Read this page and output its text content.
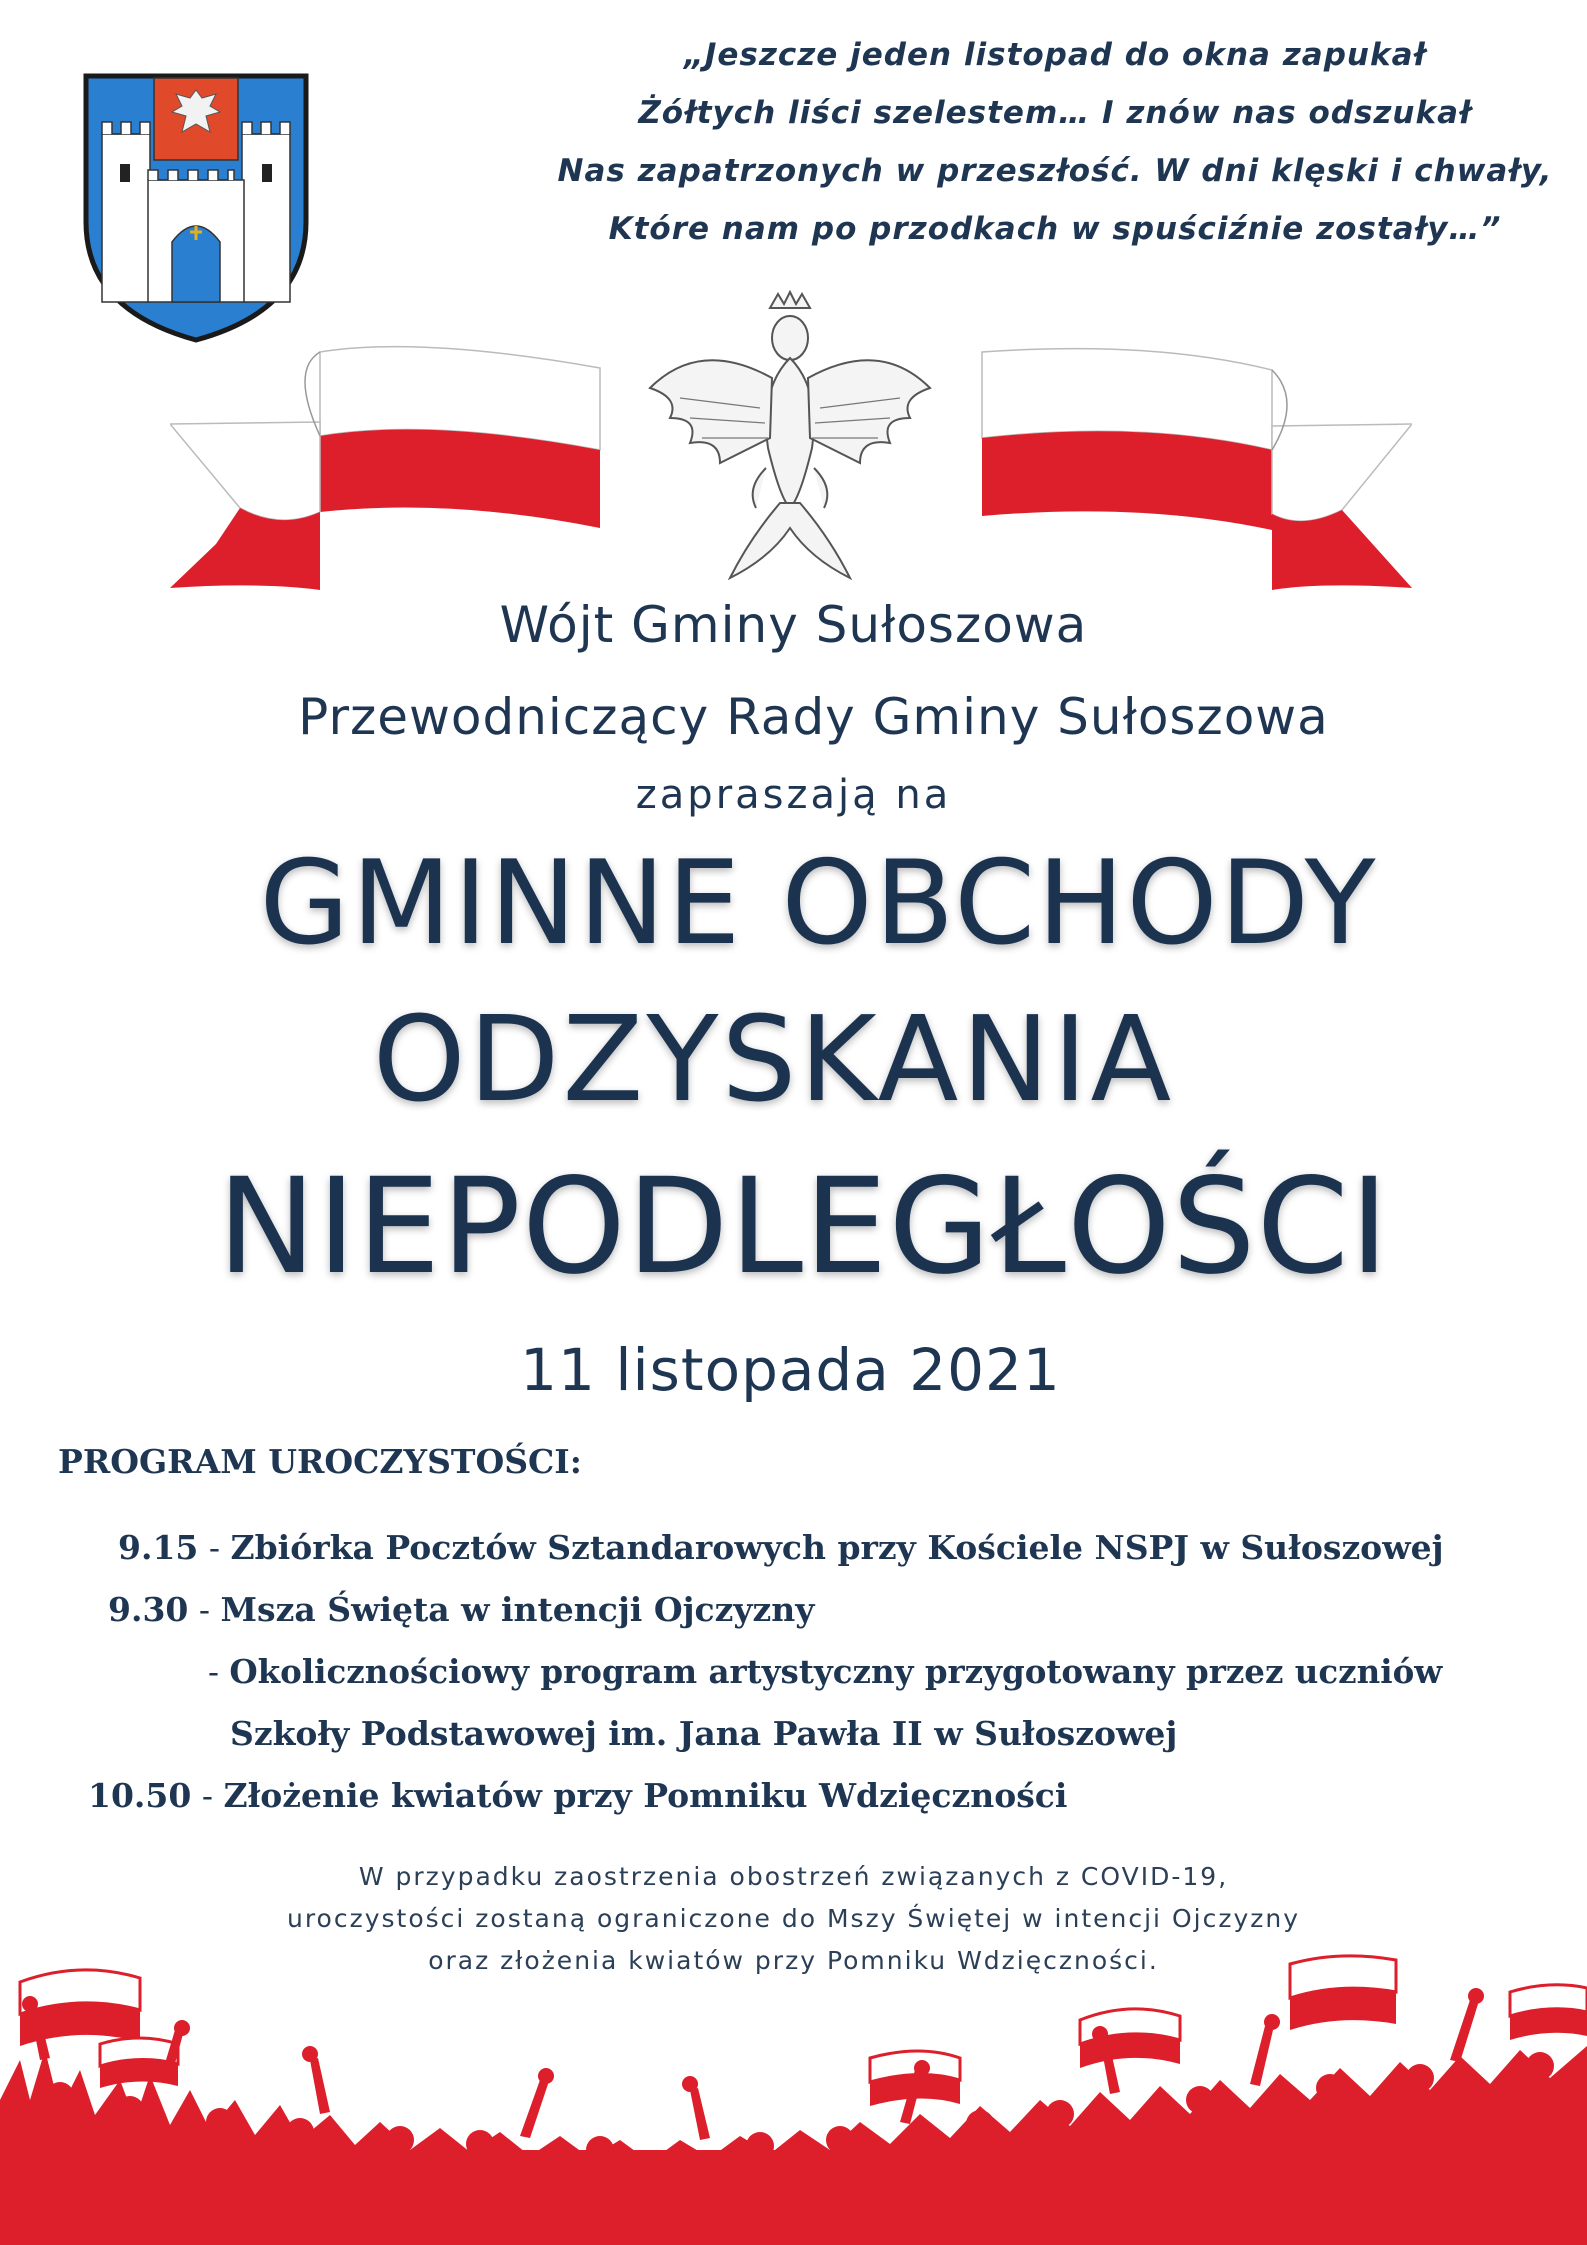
„Jeszcze jeden listopad do okna zapukał
Żółtych liści szelestem… I znów nas odszukał
Nas zapatrzonych w przeszłość. W dni klęski i chwały,
Które nam po przodkach w spuściźnie zostały…”
Wójt Gminy Sułoszowa
Przewodniczący Rady Gminy Sułoszowa
zapraszają na
GMINNE OBCHODY
ODZYSKANIA
NIEPODLEGŁOŚCI
11 listopada 2021
PROGRAM UROCZYSTOŚCI:
9.15 - Zbiórka Pocztów Sztandarowych przy Kościele NSPJ w Sułoszowej
9.30 - Msza Święta w intencji Ojczyzny
- Okolicznościowy program artystyczny przygotowany przez uczniów
Szkoły Podstawowej im. Jana Pawła II w Sułoszowej
10.50 - Złożenie kwiatów przy Pomniku Wdzięczności
W przypadku zaostrzenia obostrzeń związanych z COVID-19,
uroczystości zostaną ograniczone do Mszy Świętej w intencji Ojczyzny
oraz złożenia kwiatów przy Pomniku Wdzięczności.
